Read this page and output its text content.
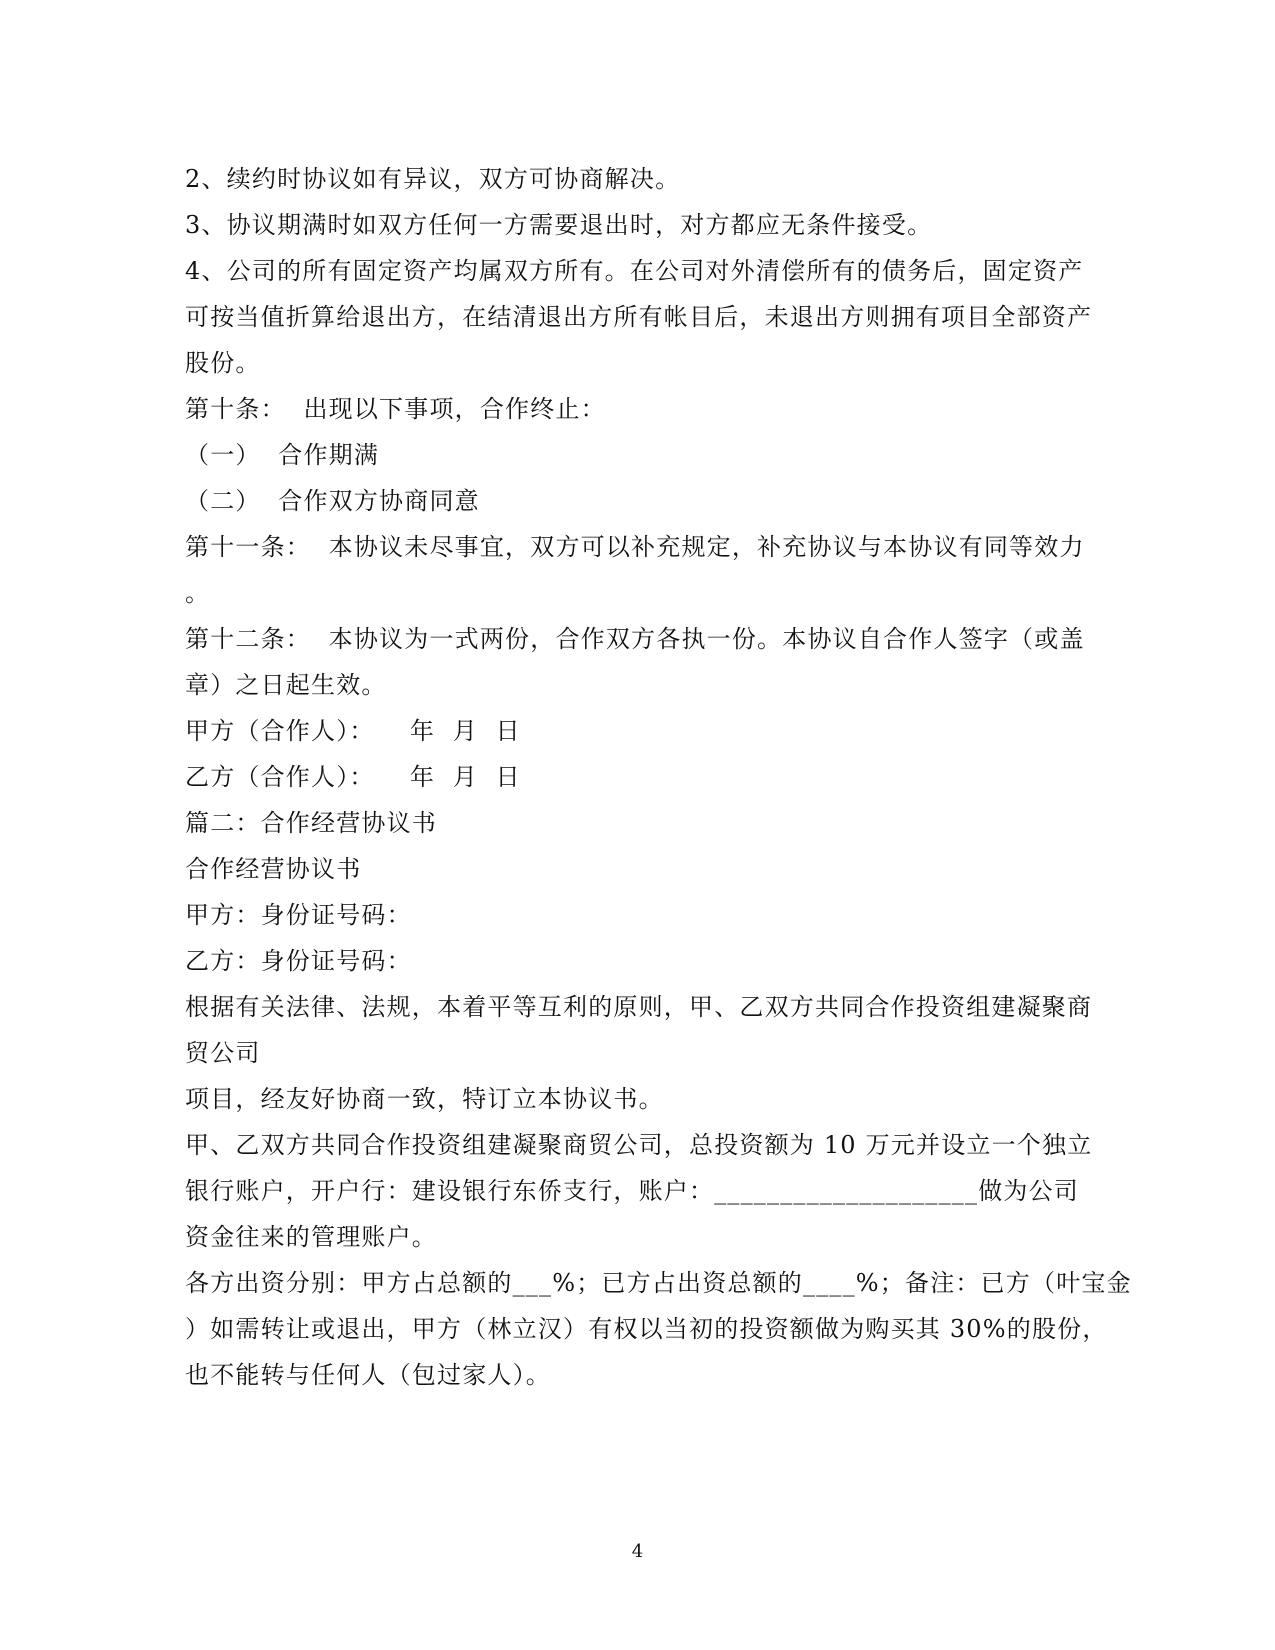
2、续约时协议如有异议，双方可协商解决。
3、协议期满时如双方任何一方需要退出时，对方都应无条件接受。
4、公司的所有固定资产均属双方所有。在公司对外清偿所有的债务后，固定资产
可按当值折算给退出方，在结清退出方所有帐目后，未退出方则拥有项目全部资产
股份。
第十条：  出现以下事项，合作终止：
（一）  合作期满
（二）  合作双方协商同意
第十一条：  本协议未尽事宜，双方可以补充规定，补充协议与本协议有同等效力
。
第十二条：  本协议为一式两份，合作双方各执一份。本协议自合作人签字（或盖
章）之日起生效。
甲方（合作人）：    年  月  日
乙方（合作人）：    年  月  日
篇二：合作经营协议书
合作经营协议书
甲方：身份证号码：
乙方：身份证号码：
根据有关法律、法规，本着平等互利的原则，甲、乙双方共同合作投资组建凝聚商
贸公司
项目，经友好协商一致，特订立本协议书。
甲、乙双方共同合作投资组建凝聚商贸公司，总投资额为 10 万元并设立一个独立
银行账户，开户行：建设银行东侨支行，账户：____________________做为公司
资金往来的管理账户。
各方出资分别：甲方占总额的___%；已方占出资总额的____%；备注：已方（叶宝金
）如需转让或退出，甲方（林立汉）有权以当初的投资额做为购买其 30%的股份，
也不能转与任何人（包过家人）。
4
